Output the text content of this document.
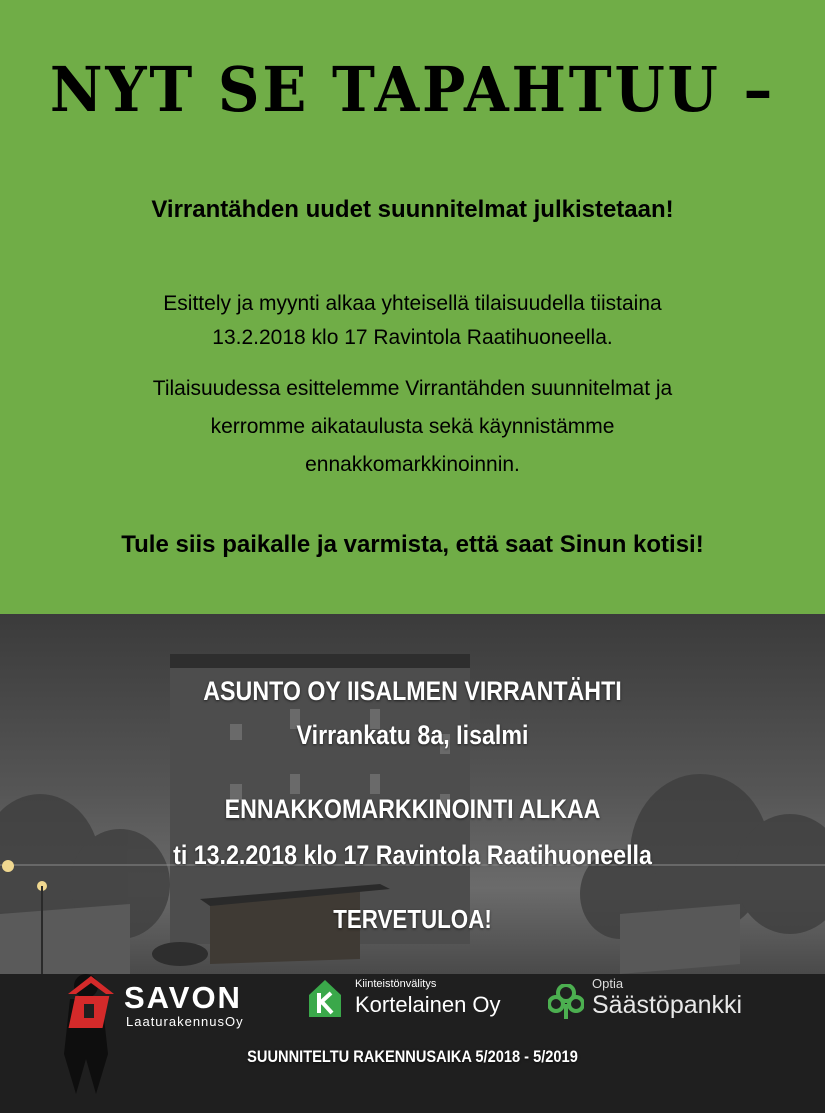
NYT SE TAPAHTUU –

Virrantähden uudet suunnitelmat julkistetaan!

Esittely ja myynti alkaa yhteisellä tilaisuudella tiistaina
13.2.2018 klo 17 Ravintola Raatihuoneella.
Tilaisuudessa esittelemme Virrantähden suunnitelmat ja
kerromme aikataulusta sekä käynnistämme
ennakkomarkkinoinnin.

Tule siis paikalle ja varmista, että saat Sinun kotisi!

ASUNTO OY IISALMEN VIRRANTÄHTI
Virrankatu 8a, Iisalmi
ENNAKKOMARKKINOINTI ALKAA
ti 13.2.2018 klo 17 Ravintola Raatihuoneella
TERVETULOA!
SAVON
LaaturakennusOy
Kiinteistönvälitys
Kortelainen Oy
Optia
Säästöpankki
SUUNNITELTU RAKENNUSAIKA 5/2018 - 5/2019
